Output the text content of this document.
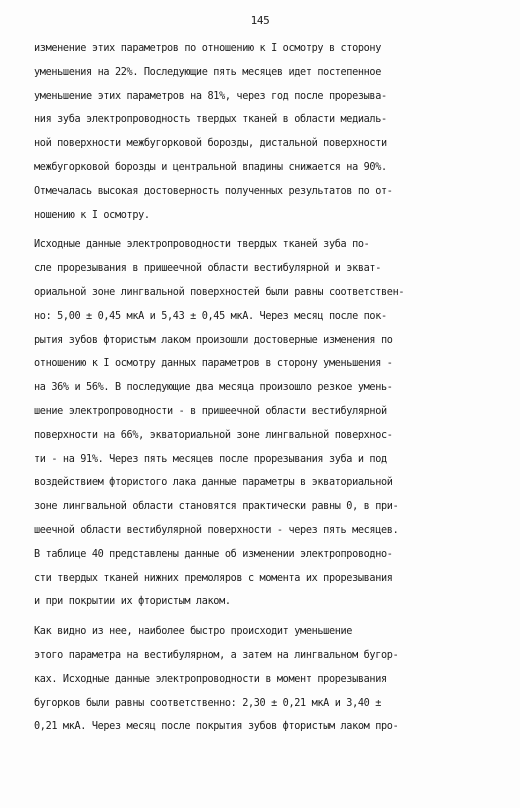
145
изменение этих параметров по отношению к I осмотру в сторону
уменьшения на 22%. Последующие пять месяцев идет постепенное
уменьшение этих параметров на 81%, через год после прорезыва-
ния зуба электропроводность твердых тканей в области медиаль-
ной поверхности межбугорковой борозды, дистальной поверхности
межбугорковой борозды и центральной впадины снижается на 90%.
Отмечалась высокая достоверность полученных результатов по от-
ношению к I осмотру.
Исходные данные электропроводности твердых тканей зуба по-
сле прорезывания в пришеечной области вестибулярной и экват-
ориальной зоне лингвальной поверхностей были равны соответствен-
но: 5,00 ± 0,45 мкА и 5,43 ± 0,45 мкА. Через месяц после пок-
рытия зубов фтористым лаком произошли достоверные изменения по
отношению к I осмотру данных параметров в сторону уменьшения -
на 36% и 56%. В последующие два месяца произошло резкое умень-
шение электропроводности - в пришеечной области вестибулярной
поверхности на 66%, экваториальной зоне лингвальной поверхнос-
ти - на 91%. Через пять месяцев после прорезывания зуба и под
воздействием фтористого лака данные параметры в экваториальной
зоне лингвальной области становятся практически равны 0, в при-
шеечной области вестибулярной поверхности - через пять месяцев.
В таблице 40 представлены данные об изменении электропроводно-
сти твердых тканей нижних премоляров с момента их прорезывания
и при покрытии их фтористым лаком.
Как видно из нее, наиболее быстро происходит уменьшение
этого параметра на вестибулярном, а затем на лингвальном бугор-
ках. Исходные данные электропроводности в момент прорезывания
бугорков были равны соответственно: 2,30 ± 0,21 мкА и 3,40 ±
0,21 мкА. Через месяц после покрытия зубов фтористым лаком про-
